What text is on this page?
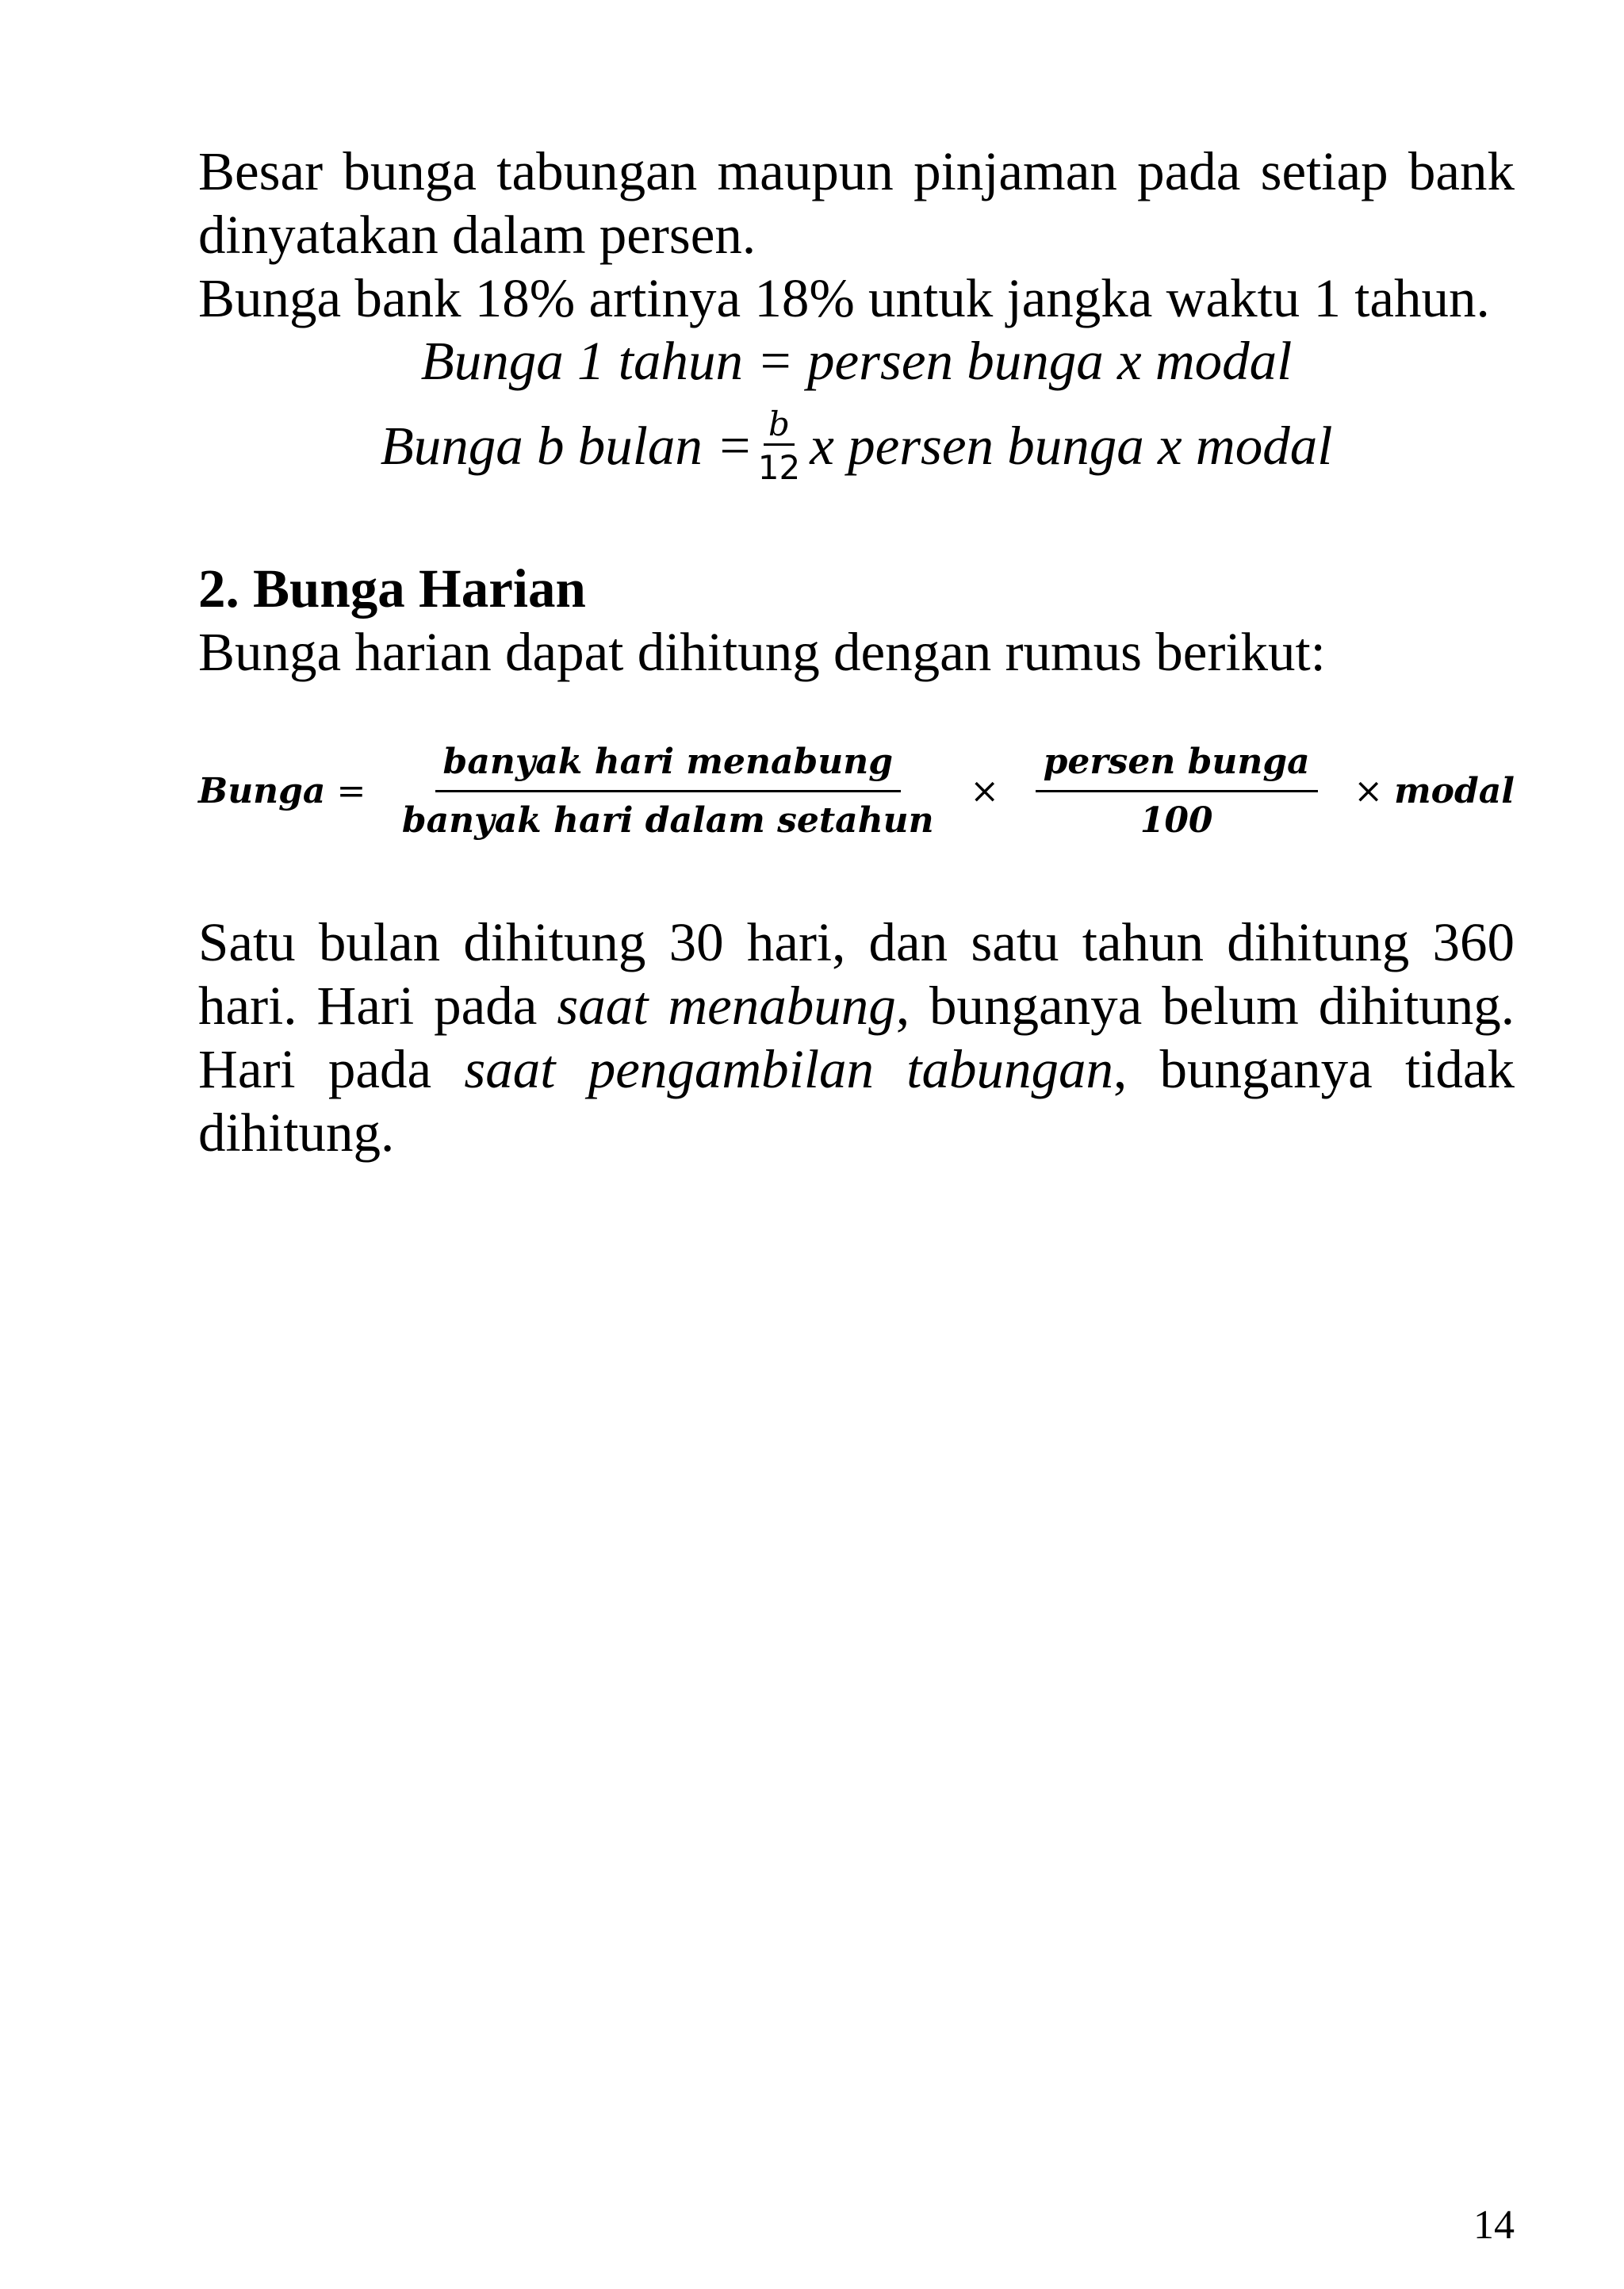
Besar bunga tabungan maupun pinjaman pada setiap bank dinyatakan dalam persen.
Bunga bank 18% artinya 18% untuk jangka waktu 1 tahun.

Bunga 1 tahun = persen bunga x modal

Bunga b bulan = $\frac{b}{12}$ x persen bunga x modal
2. Bunga Harian

Bunga harian dapat dihitung dengan rumus berikut:

Bunga =	$\frac{\text{banyak hari menabung}}{\text{banyak hari dalam setahun}}$	×	$\frac{\text{persen bunga}}{100}$	× modal

Satu bulan dihitung 30 hari, dan satu tahun dihitung 360 hari. Hari pada saat menabung, bunganya belum dihitung. Hari pada saat pengambilan tabungan, bunganya tidak dihitung.

14
